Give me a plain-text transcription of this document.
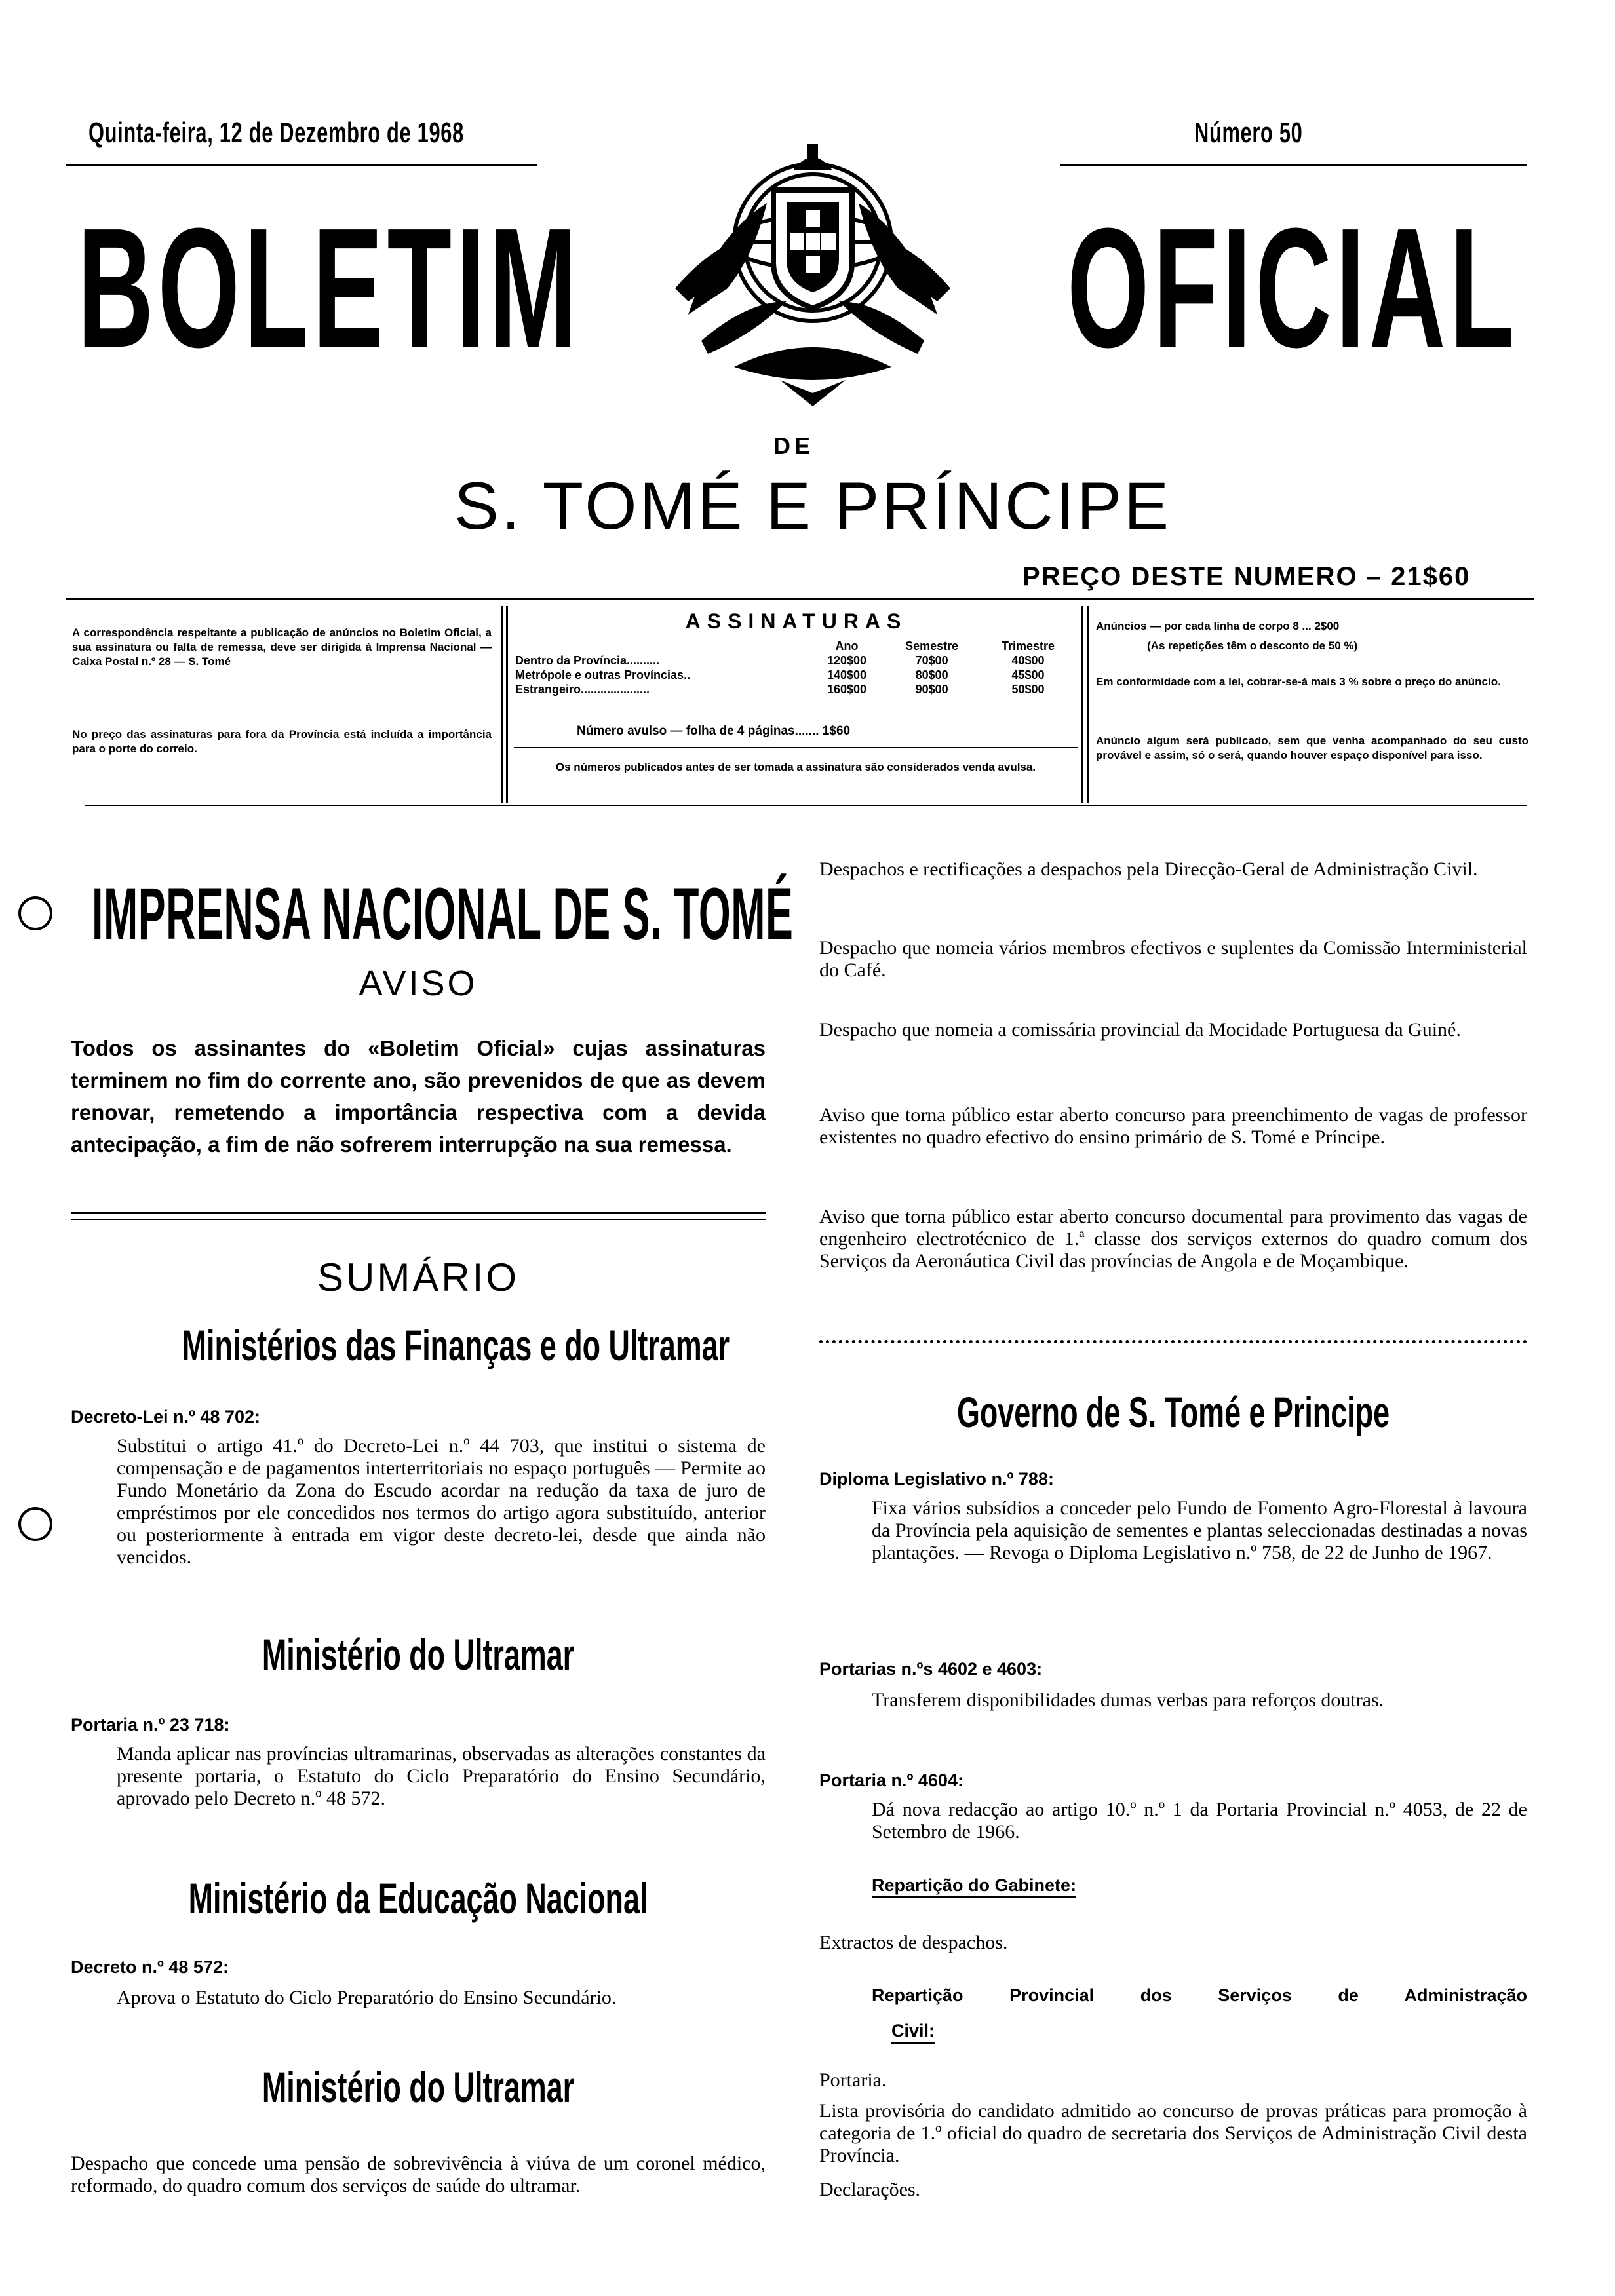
Quinta-feira, 12 de Dezembro de 1968	Número 50
BOLETIM	OFICIAL
DE
S. TOMÉ E PRÍNCIPE
PREÇO DESTE NUMERO – 21$60
A correspondência respeitante a publicação de anúncios no Boletim Oficial, a sua assinatura ou falta de remessa, deve ser dirigida à Imprensa Nacional — Caixa Postal n.º 28 — S. Tomé
No preço das assinaturas para fora da Província está incluída a importância para o porte do correio.
ASSINATURAS
	Ano	Semestre	Trimestre
Dentro da Província..........	120$00	70$00	40$00
Metrópole e outras Províncias..	140$00	80$00	45$00
Estrangeiro.....................	160$00	90$00	50$00
Número avulso — folha de 4 páginas....... 1$60
Os números publicados antes de ser tomada a assinatura são considerados venda avulsa.
Anúncios — por cada linha de corpo 8 ... 2$00
(As repetições têm o desconto de 50 %)
Em conformidade com a lei, cobrar-se-á mais 3 % sobre o preço do anúncio.
Anúncio algum será publicado, sem que venha acompanhado do seu custo provável e assim, só o será, quando houver espaço disponível para isso.
IMPRENSA NACIONAL DE S. TOMÉ
AVISO
Todos os assinantes do «Boletim Oficial» cujas assinaturas terminem no fim do corrente ano, são prevenidos de que as devem renovar, remetendo a importância respectiva com a devida antecipação, a fim de não sofrerem interrupção na sua remessa.
SUMÁRIO
Ministérios das Finanças e do Ultramar
Decreto-Lei n.º 48 702:
Substitui o artigo 41.º do Decreto-Lei n.º 44 703, que institui o sistema de compensação e de pagamentos interterritoriais no espaço português — Permite ao Fundo Monetário da Zona do Escudo acordar na redução da taxa de juro de empréstimos por ele concedidos nos termos do artigo agora substituído, anterior ou posteriormente à entrada em vigor deste decreto-lei, desde que ainda não vencidos.
Ministério do Ultramar
Portaria n.º 23 718:
Manda aplicar nas províncias ultramarinas, observadas as alterações constantes da presente portaria, o Estatuto do Ciclo Preparatório do Ensino Secundário, aprovado pelo Decreto n.º 48 572.
Ministério da Educação Nacional
Decreto n.º 48 572:
Aprova o Estatuto do Ciclo Preparatório do Ensino Secundário.
Ministério do Ultramar
Despacho que concede uma pensão de sobrevivência à viúva de um coronel médico, reformado, do quadro comum dos serviços de saúde do ultramar.
Despachos e rectificações a despachos pela Direcção-Geral de Administração Civil.
Despacho que nomeia vários membros efectivos e suplentes da Comissão Interministerial do Café.
Despacho que nomeia a comissária provincial da Mocidade Portuguesa da Guiné.
Aviso que torna público estar aberto concurso para preenchimento de vagas de professor existentes no quadro efectivo do ensino primário de S. Tomé e Príncipe.
Aviso que torna público estar aberto concurso documental para provimento das vagas de engenheiro electrotécnico de 1.ª classe dos serviços externos do quadro comum dos Serviços da Aeronáutica Civil das províncias de Angola e de Moçambique.
Governo de S. Tomé e Principe
Diploma Legislativo n.º 788:
Fixa vários subsídios a conceder pelo Fundo de Fomento Agro-Florestal à lavoura da Província pela aquisição de sementes e plantas seleccionadas destinadas a novas plantações. — Revoga o Diploma Legislativo n.º 758, de 22 de Junho de 1967.
Portarias n.ºs 4602 e 4603:
Transferem disponibilidades dumas verbas para reforços doutras.
Portaria n.º 4604:
Dá nova redacção ao artigo 10.º n.º 1 da Portaria Provincial n.º 4053, de 22 de Setembro de 1966.
Repartição do Gabinete:
Extractos de despachos.
Repartição Provincial dos Serviços de Administração
Civil:
Portaria.
Lista provisória do candidato admitido ao concurso de provas práticas para promoção à categoria de 1.º oficial do quadro de secretaria dos Serviços de Administração Civil desta Província.
Declarações.
